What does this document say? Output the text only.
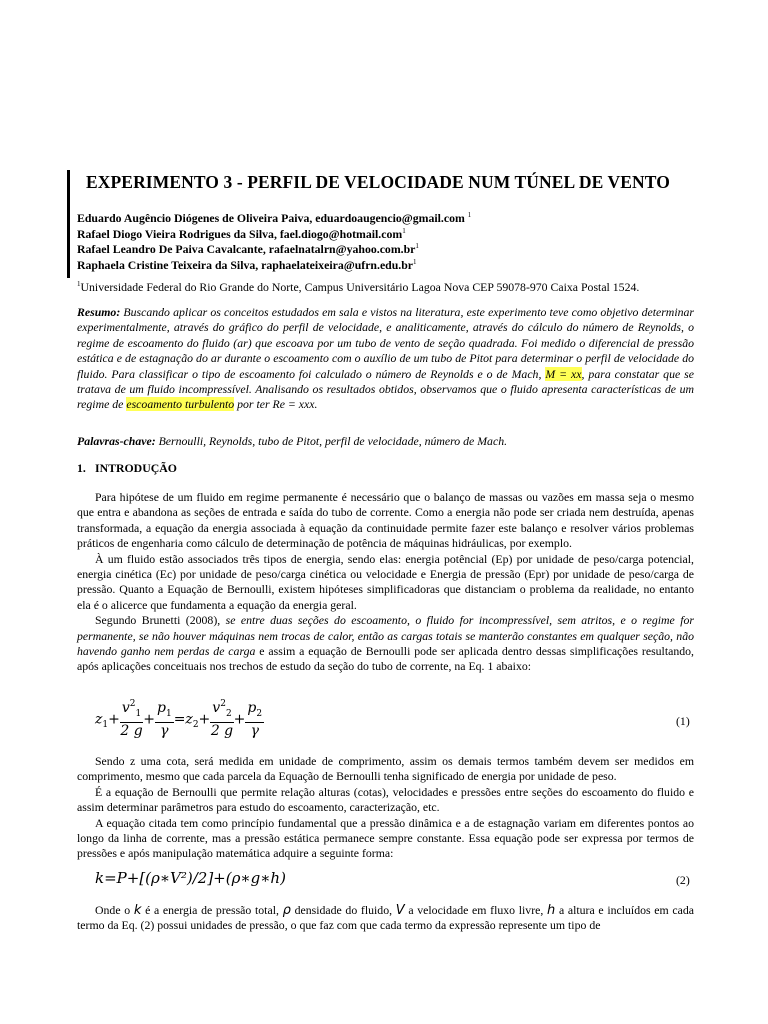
EXPERIMENTO 3 - PERFIL DE VELOCIDADE NUM TÚNEL DE VENTO
Eduardo Augêncio Diógenes de Oliveira Paiva, eduardoaugencio@gmail.com $^1$
Rafael Diogo Vieira Rodrigues da Silva, fael.diogo@hotmail.com$^1$
Rafael Leandro De Paiva Cavalcante, $rafaelnatalrn@yahoo.com.br^1$
Raphaela Cristine Teixeira da Silva, $raphaelateixeira@ufrn.edu.br^1$
$^1$Universidade Federal do Rio Grande do Norte, Campus Universitário Lagoa Nova CEP 59078-970 Caixa Postal 1524.
Resumo: Buscando aplicar os conceitos estudados em sala e vistos na literatura, este experimento teve como objetivo determinar experimentalmente, através do gráfico do perfil de velocidade, e analiticamente, através do cálculo do número de Reynolds, o regime de escoamento do fluido (ar) que escoava por um tubo de vento de seção quadrada. Foi medido o diferencial de pressão estática e de estagnação do ar durante o escoamento com o auxílio de um tubo de Pitot para determinar o perfil de velocidade do fluido. Para classificar o tipo de escoamento foi calculado o número de Reynolds e o de Mach, M = xx, para constatar que se tratava de um fluido incompressível. Analisando os resultados obtidos, observamos que o fluido apresenta características de um regime de escoamento turbulento por ter Re = xxx.
Palavras-chave: Bernoulli, Reynolds, tubo de Pitot, perfil de velocidade, número de Mach.
1. INTRODUÇÃO

Para hipótese de um fluido em regime permanente é necessário que o balanço de massas ou vazões em massa seja o mesmo que entra e abandona as seções de entrada e saída do tubo de corrente. Como a energia não pode ser criada nem destruída, apenas transformada, a equação da energia associada à equação da continuidade permite fazer este balanço e resolver vários problemas práticos de engenharia como cálculo de determinação de potência de máquinas hidráulicas, por exemplo.

À um fluido estão associados três tipos de energia, sendo elas: energia potêncial (Ep) por unidade de peso/carga potencial, energia cinética (Ec) por unidade de peso/carga cinética ou velocidade e Energia de pressão (Epr) por unidade de peso/carga de pressão. Quanto a Equação de Bernoulli, existem hipóteses simplificadoras que distanciam o problema da realidade, no entanto ela é o alicerce que fundamenta a equação da energia geral.

Segundo Brunetti (2008), se entre duas seções do escoamento, o fluido for incompressível, sem atritos, e o regime for permanente, se não houver máquinas nem trocas de calor, então as cargas totais se manterão constantes em qualquer seção, não havendo ganho nem perdas de carga e assim a equação de Bernoulli pode ser aplicada dentro dessas simplificações resultando, após aplicações conceituais nos trechos de estudo da seção do tubo de corrente, na Eq. 1 abaixo:

$z_1+ \frac{v^2_1}{2 g} + \frac{p_1}{\gamma} =z_2+ \frac{v^2_2}{2 g} + \frac{p_2}{\gamma}$	(1)

Sendo z uma cota, será medida em unidade de comprimento, assim os demais termos também devem ser medidos em comprimento, mesmo que cada parcela da Equação de Bernoulli tenha significado de energia por unidade de peso.

É a equação de Bernoulli que permite relação alturas (cotas), velocidades e pressões entre seções do escoamento do fluido e assim determinar parâmetros para estudo do escoamento, caracterização, etc.

A equação citada tem como princípio fundamental que a pressão dinâmica e a de estagnação variam em diferentes pontos ao longo da linha de corrente, mas a pressão estática permanece sempre constante. Essa equação pode ser expressa por termos de pressões e após manipulação matemática adquire a seguinte forma:

k=P+[(ρ∗V²)/2]+(ρ∗g∗h)	(2)

Onde o k é a energia de pressão total, ρ densidade do fluido, V a velocidade em fluxo livre, h a altura e incluídos em cada termo da Eq. (2) possui unidades de pressão, o que faz com que cada termo da expressão represente um tipo de
